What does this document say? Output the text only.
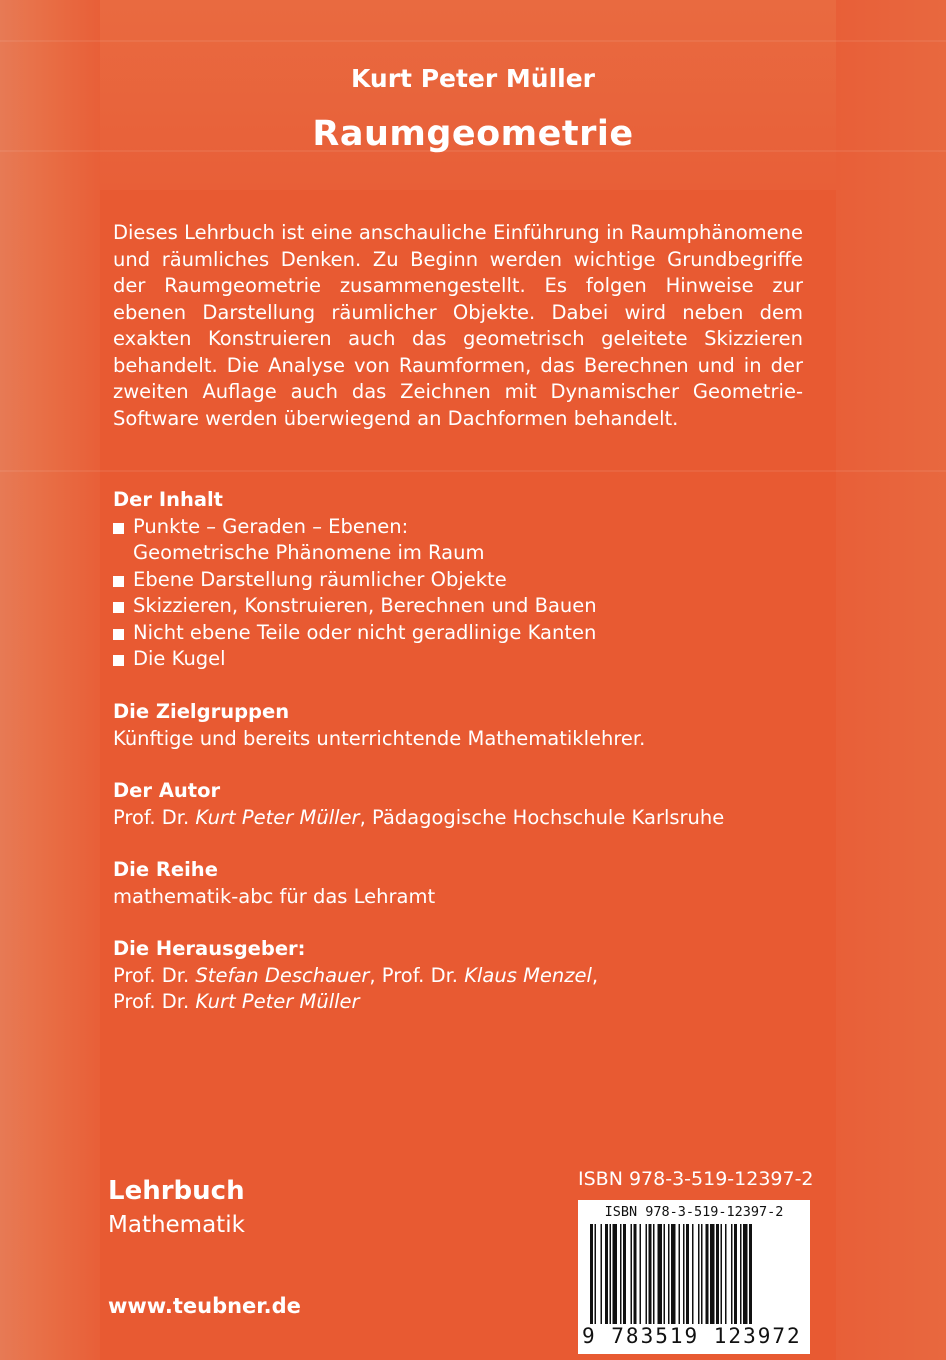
Kurt Peter Müller
Raumgeometrie
Dieses Lehrbuch ist eine anschauliche Einführung in Raumphänomene und räumliches Denken. Zu Beginn werden wichtige Grundbegriffe der Raumgeometrie zusammengestellt. Es folgen Hinweise zur ebenen Darstellung räumlicher Objekte. Dabei wird neben dem exakten Konstruieren auch das geometrisch geleitete Skizzieren behandelt. Die Analyse von Raumformen, das Berechnen und in der zweiten Auflage auch das Zeichnen mit Dynamischer Geometrie-Software werden überwiegend an Dachformen behandelt.
Der Inhalt
Punkte – Geraden – Ebenen:
Geometrische Phänomene im Raum
Ebene Darstellung räumlicher Objekte
Skizzieren, Konstruieren, Berechnen und Bauen
Nicht ebene Teile oder nicht geradlinige Kanten
Die Kugel
Die Zielgruppen
Künftige und bereits unterrichtende Mathematiklehrer.
Der Autor
Prof. Dr. Kurt Peter Müller, Pädagogische Hochschule Karlsruhe
Die Reihe
mathematik-abc für das Lehramt
Die Herausgeber:
Prof. Dr. Stefan Deschauer, Prof. Dr. Klaus Menzel,
Prof. Dr. Kurt Peter Müller
Lehrbuch
Mathematik
www.teubner.de
ISBN 978-3-519-12397-2
ISBN 978-3-519-12397-2
9 783519 123972
